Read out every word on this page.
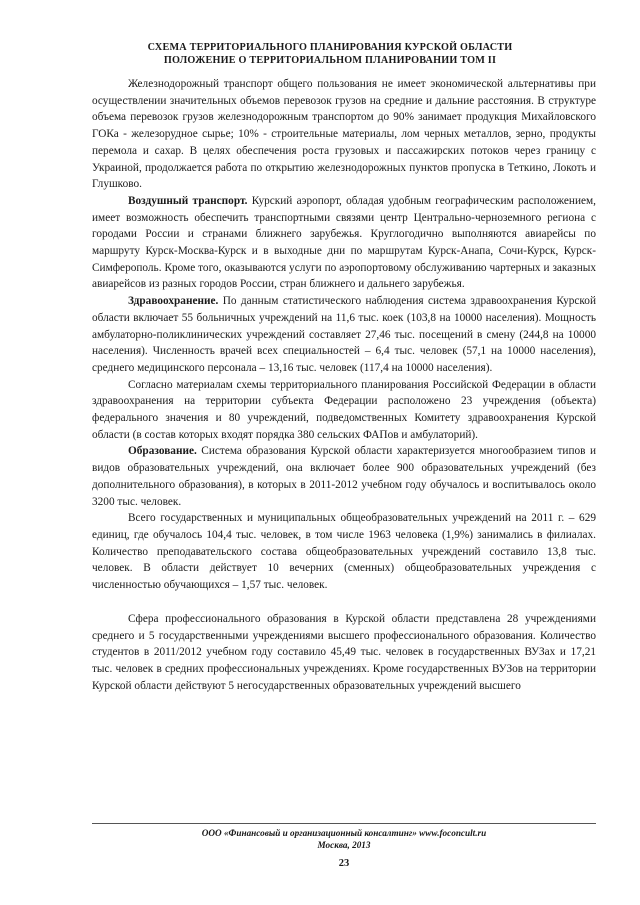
СХЕМА ТЕРРИТОРИАЛЬНОГО ПЛАНИРОВАНИЯ КУРСКОЙ ОБЛАСТИ
ПОЛОЖЕНИЕ О ТЕРРИТОРИАЛЬНОМ ПЛАНИРОВАНИИ ТОМ II

Железнодорожный транспорт общего пользования не имеет экономической альтернативы при осуществлении значительных объемов перевозок грузов на средние и дальние расстояния. В структуре объема перевозок грузов железнодорожным транспортом до 90% занимает продукция Михайловского ГОКа - железорудное сырье; 10% - строительные материалы, лом черных металлов, зерно, продукты перемола и сахар. В целях обеспечения роста грузовых и пассажирских потоков через границу с Украиной, продолжается работа по открытию железнодорожных пунктов пропуска в Теткино, Локоть и Глушково.

Воздушный транспорт. Курский аэропорт, обладая удобным географическим расположением, имеет возможность обеспечить транспортными связями центр Центрально-черноземного региона с городами России и странами ближнего зарубежья. Круглогодично выполняются авиарейсы по маршруту Курск-Москва-Курск и в выходные дни по маршрутам Курск-Анапа, Сочи-Курск, Курск-Симферополь. Кроме того, оказываются услуги по аэропортовому обслуживанию чартерных и заказных авиарейсов из разных городов России, стран ближнего и дальнего зарубежья.

Здравоохранение. По данным статистического наблюдения система здравоохранения Курской области включает 55 больничных учреждений на 11,6 тыс. коек (103,8 на 10000 населения). Мощность амбулаторно-поликлинических учреждений составляет 27,46 тыс. посещений в смену (244,8 на 10000 населения). Численность врачей всех специальностей – 6,4 тыс. человек (57,1 на 10000 населения), среднего медицинского персонала – 13,16 тыс. человек (117,4 на 10000 населения).

Согласно материалам схемы территориального планирования Российской Федерации в области здравоохранения на территории субъекта Федерации расположено 23 учреждения (объекта) федерального значения и 80 учреждений, подведомственных Комитету здравоохранения Курской области (в состав которых входят порядка 380 сельских ФАПов и амбулаторий).

Образование. Система образования Курской области характеризуется многообразием типов и видов образовательных учреждений, она включает более 900 образовательных учреждений (без дополнительного образования), в которых в 2011-2012 учебном году обучалось и воспитывалось около 3200 тыс. человек.

Всего государственных и муниципальных общеобразовательных учреждений на 2011 г. – 629 единиц, где обучалось 104,4 тыс. человек, в том числе 1963 человека (1,9%) занимались в филиалах. Количество преподавательского состава общеобразовательных учреждений составило 13,8 тыс. человек. В области действует 10 вечерних (сменных) общеобразовательных учреждения с численностью обучающихся – 1,57 тыс. человек.

Сфера профессионального образования в Курской области представлена 28 учреждениями среднего и 5 государственными учреждениями высшего профессионального образования. Количество студентов в 2011/2012 учебном году составило 45,49 тыс. человек в государственных ВУЗах и 17,21 тыс. человек в средних профессиональных учреждениях. Кроме государственных ВУЗов на территории Курской области действуют 5 негосударственных образовательных учреждений высшего

ООО «Финансовый и организационный консалтинг» www.foconcult.ru
Москва, 2013
23
